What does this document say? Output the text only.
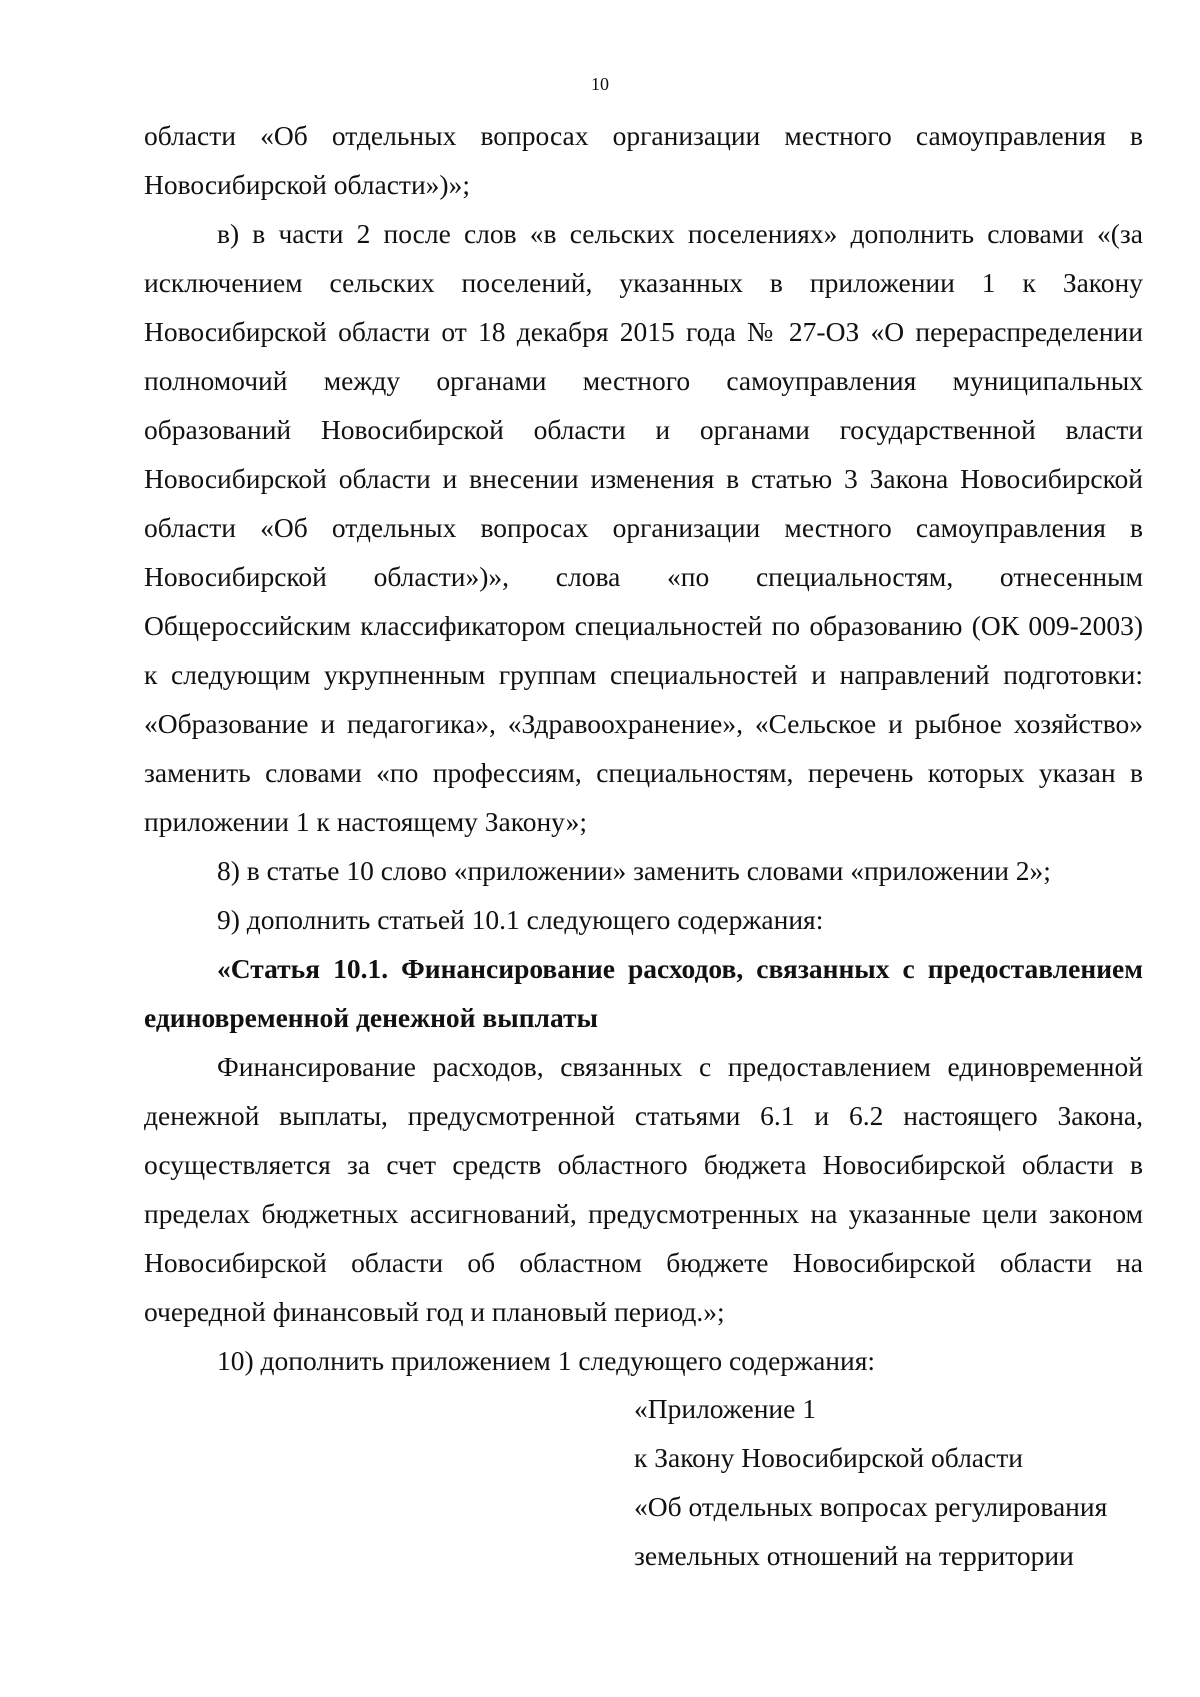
10

области «Об отдельных вопросах организации местного самоуправления в Новосибирской области»)»;

в) в части 2 после слов «в сельских поселениях» дополнить словами «(за исключением сельских поселений, указанных в приложении 1 к Закону Новосибирской области от 18 декабря 2015 года № 27-ОЗ «О перераспределении полномочий между органами местного самоуправления муниципальных образований Новосибирской области и органами государственной власти Новосибирской области и внесении изменения в статью 3 Закона Новосибирской области «Об отдельных вопросах организации местного самоуправления в Новосибирской области»)», слова «по специальностям, отнесенным Общероссийским классификатором специальностей по образованию (ОК 009-2003) к следующим укрупненным группам специальностей и направлений подготовки: «Образование и педагогика», «Здравоохранение», «Сельское и рыбное хозяйство» заменить словами «по профессиям, специальностям, перечень которых указан в приложении 1 к настоящему Закону»;

8) в статье 10 слово «приложении» заменить словами «приложении 2»;

9) дополнить статьей 10.1 следующего содержания:

«Статья 10.1. Финансирование расходов, связанных с предоставлением единовременной денежной выплаты

Финансирование расходов, связанных с предоставлением единовременной денежной выплаты, предусмотренной статьями 6.1 и 6.2 настоящего Закона, осуществляется за счет средств областного бюджета Новосибирской области в пределах бюджетных ассигнований, предусмотренных на указанные цели законом Новосибирской области об областном бюджете Новосибирской области на очередной финансовый год и плановый период.»;

10) дополнить приложением 1 следующего содержания:

«Приложение 1
к Закону Новосибирской области
«Об отдельных вопросах регулирования
земельных отношений на территории
